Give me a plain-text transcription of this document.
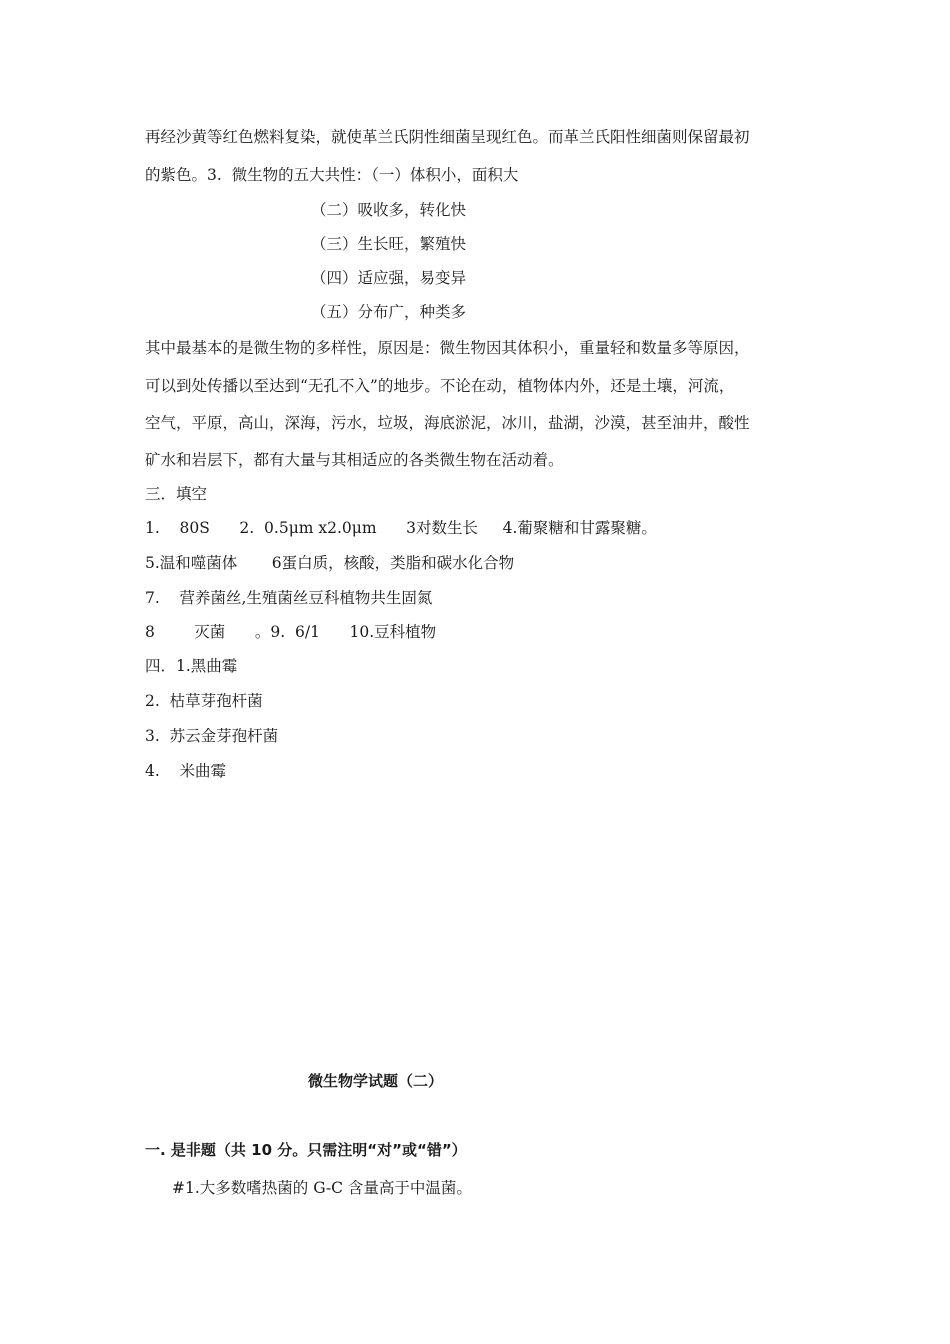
再经沙黄等红色燃料复染，就使革兰氏阴性细菌呈现红色。而革兰氏阳性细菌则保留最初
的紫色。3.  微生物的五大共性：（一）体积小，面积大
（二）吸收多，转化快
（三）生长旺，繁殖快
（四）适应强，易变异
（五）分布广，种类多
其中最基本的是微生物的多样性，原因是：微生物因其体积小，重量轻和数量多等原因，
可以到处传播以至达到“无孔不入”的地步。不论在动，植物体内外，还是土壤，河流，
空气，平原，高山，深海，污水，垃圾，海底淤泥，冰川，盐湖，沙漠，甚至油井，酸性
矿水和岩层下，都有大量与其相适应的各类微生物在活动着。
三．填空
1.    80S      2.  0.5μm x2.0μm      3对数生长     4.葡聚糖和甘露聚糖。
5.温和噬菌体       6蛋白质，核酸，类脂和碳水化合物
7.    营养菌丝,生殖菌丝豆科植物共生固氮
8        灭菌      。9.  6/1      10.豆科植物
四．1.黑曲霉
2.  枯草芽孢杆菌
3.  苏云金芽孢杆菌
4.    米曲霉
微生物学试题（二）
一. 是非题（共 10 分。只需注明“对”或“错”）
#1.大多数嗜热菌的 G-C 含量高于中温菌。
